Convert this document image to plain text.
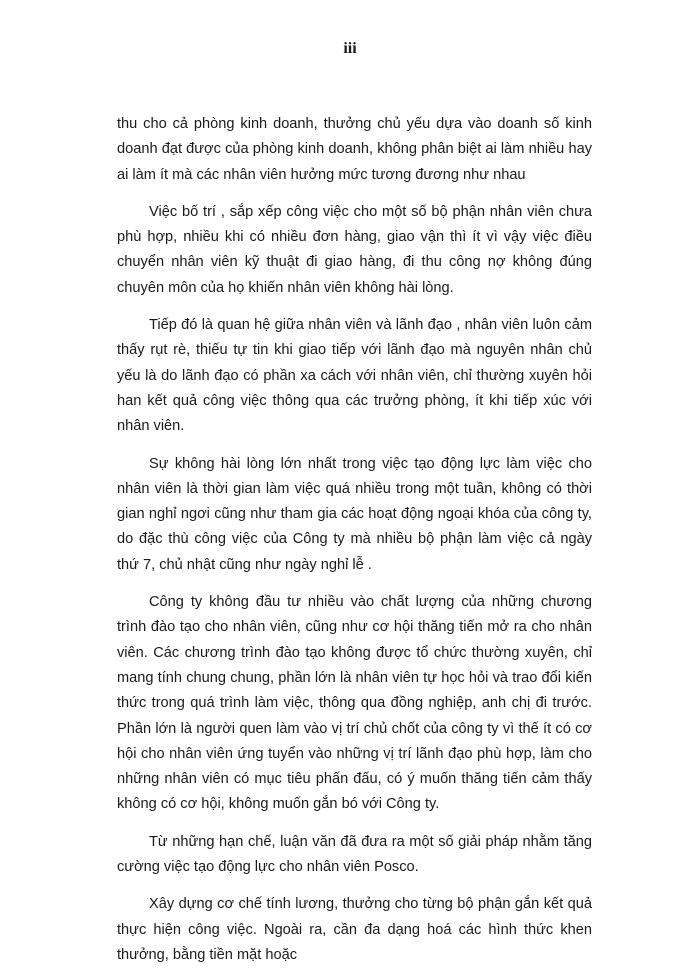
iii

thu cho cả phòng kinh doanh, thưởng chủ yếu dựa vào doanh số kinh doanh đạt được của phòng kinh doanh, không phân biệt ai làm nhiều hay ai làm ít mà các nhân viên hưởng mức tương đương như nhau

Việc bố trí , sắp xếp công việc cho một số bộ phận nhân viên chưa phù hợp, nhiều khi có nhiều đơn hàng, giao vận thì ít vì vậy việc điều chuyển nhân viên kỹ thuật đi giao hàng, đi thu công nợ không đúng chuyên môn của họ khiến nhân viên không hài lòng.

Tiếp đó là quan hệ giữa nhân viên và lãnh đạo , nhân viên luôn cảm thấy rụt rè, thiếu tự tin khi giao tiếp với lãnh đạo mà nguyên nhân chủ yếu là do lãnh đạo có phần xa cách với nhân viên, chỉ thường xuyên hỏi han kết quả công việc thông qua các trưởng phòng, ít khi tiếp xúc với nhân viên.

Sự không hài lòng lớn nhất trong việc tạo động lực làm việc cho nhân viên là thời gian làm việc quá nhiều trong một tuần, không có thời gian nghỉ ngơi cũng như tham gia các hoạt động ngoại khóa của công ty, do đặc thù công việc của Công ty mà nhiều bộ phận làm việc cả ngày thứ 7, chủ nhật cũng như ngày nghỉ lễ .

Công ty không đầu tư nhiều vào chất lượng của những chương trình đào tạo cho nhân viên, cũng như cơ hội thăng tiến mở ra cho nhân viên. Các chương trình đào tạo không được tổ chức thường xuyên, chỉ mang tính chung chung, phần lớn là nhân viên tự học hỏi và trao đổi kiến thức trong quá trình làm việc, thông qua đồng nghiệp, anh chị đi trước. Phần lớn là người quen làm vào vị trí chủ chốt của công ty vì thế ít có cơ hội cho nhân viên ứng tuyển vào những vị trí lãnh đạo phù hợp, làm cho những nhân viên có mục tiêu phấn đấu, có ý muốn thăng tiến cảm thấy không có cơ hội, không muốn gắn bó với Công ty.

Từ những hạn chế, luận văn đã đưa ra một số giải pháp nhằm tăng cường việc tạo động lực cho nhân viên Posco.

Xây dựng cơ chế tính lương, thưởng cho từng bộ phận gắn kết quả thực hiện công việc. Ngoài ra, cần đa dạng hoá các hình thức khen thưởng, bằng tiền mặt hoặc
